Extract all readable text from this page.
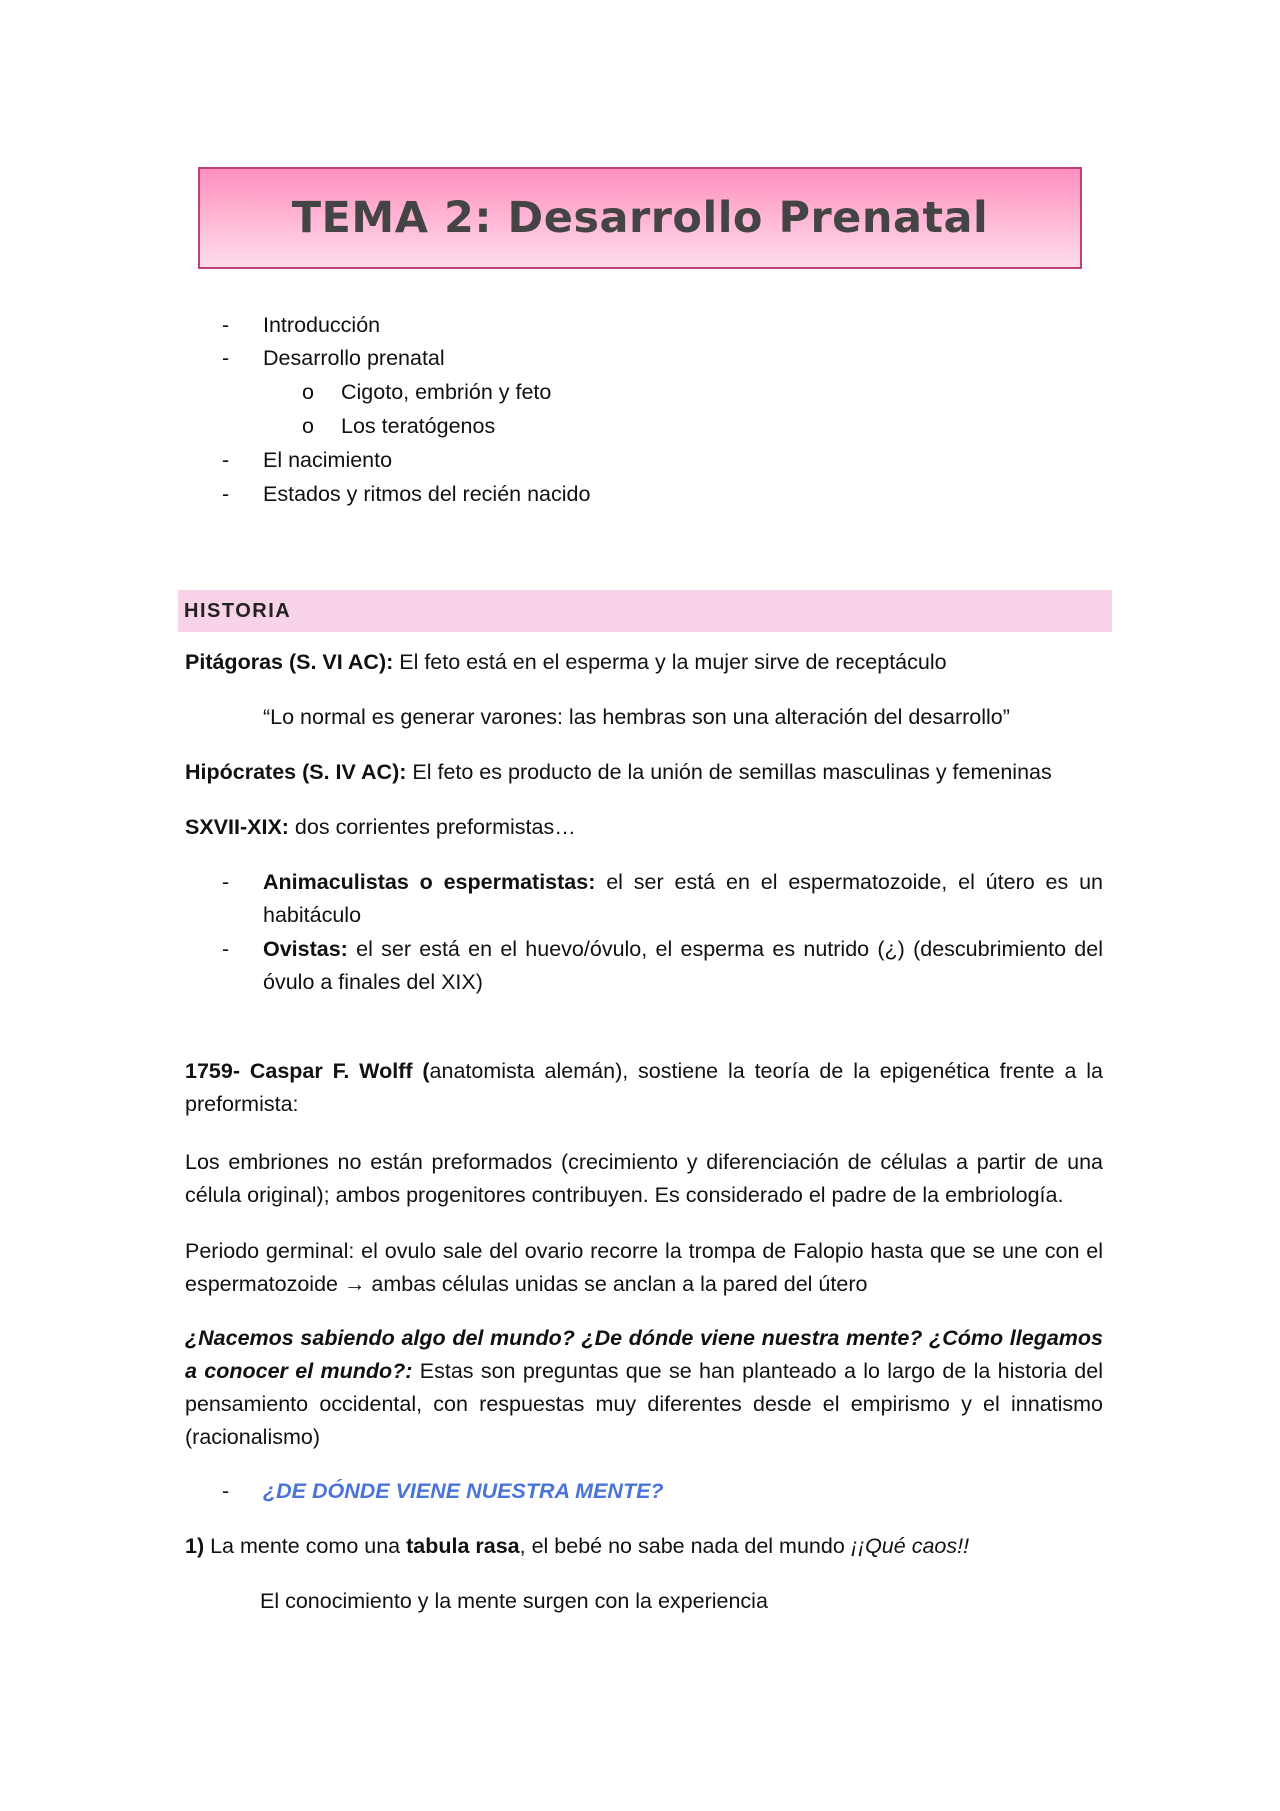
TEMA 2: Desarrollo Prenatal
- Introducción
- Desarrollo prenatal
o Cigoto, embrión y feto
o Los teratógenos
- El nacimiento
- Estados y ritmos del recién nacido
HISTORIA
Pitágoras (S. VI AC): El feto está en el esperma y la mujer sirve de receptáculo
“Lo normal es generar varones: las hembras son una alteración del desarrollo”
Hipócrates (S. IV AC): El feto es producto de la unión de semillas masculinas y femeninas
SXVII-XIX: dos corrientes preformistas…
- Animaculistas o espermatistas: el ser está en el espermatozoide, el útero es un habitáculo
- Ovistas: el ser está en el huevo/óvulo, el esperma es nutrido (¿) (descubrimiento del óvulo a finales del XIX)
1759- Caspar F. Wolff (anatomista alemán), sostiene la teoría de la epigenética frente a la preformista:
Los embriones no están preformados (crecimiento y diferenciación de células a partir de una célula original); ambos progenitores contribuyen. Es considerado el padre de la embriología.
Periodo germinal: el ovulo sale del ovario recorre la trompa de Falopio hasta que se une con el espermatozoide → ambas células unidas se anclan a la pared del útero
¿Nacemos sabiendo algo del mundo? ¿De dónde viene nuestra mente? ¿Cómo llegamos a conocer el mundo?: Estas son preguntas que se han planteado a lo largo de la historia del pensamiento occidental, con respuestas muy diferentes desde el empirismo y el innatismo (racionalismo)
- ¿DE DÓNDE VIENE NUESTRA MENTE?
1) La mente como una tabula rasa, el bebé no sabe nada del mundo ¡¡Qué caos!!
El conocimiento y la mente surgen con la experiencia
